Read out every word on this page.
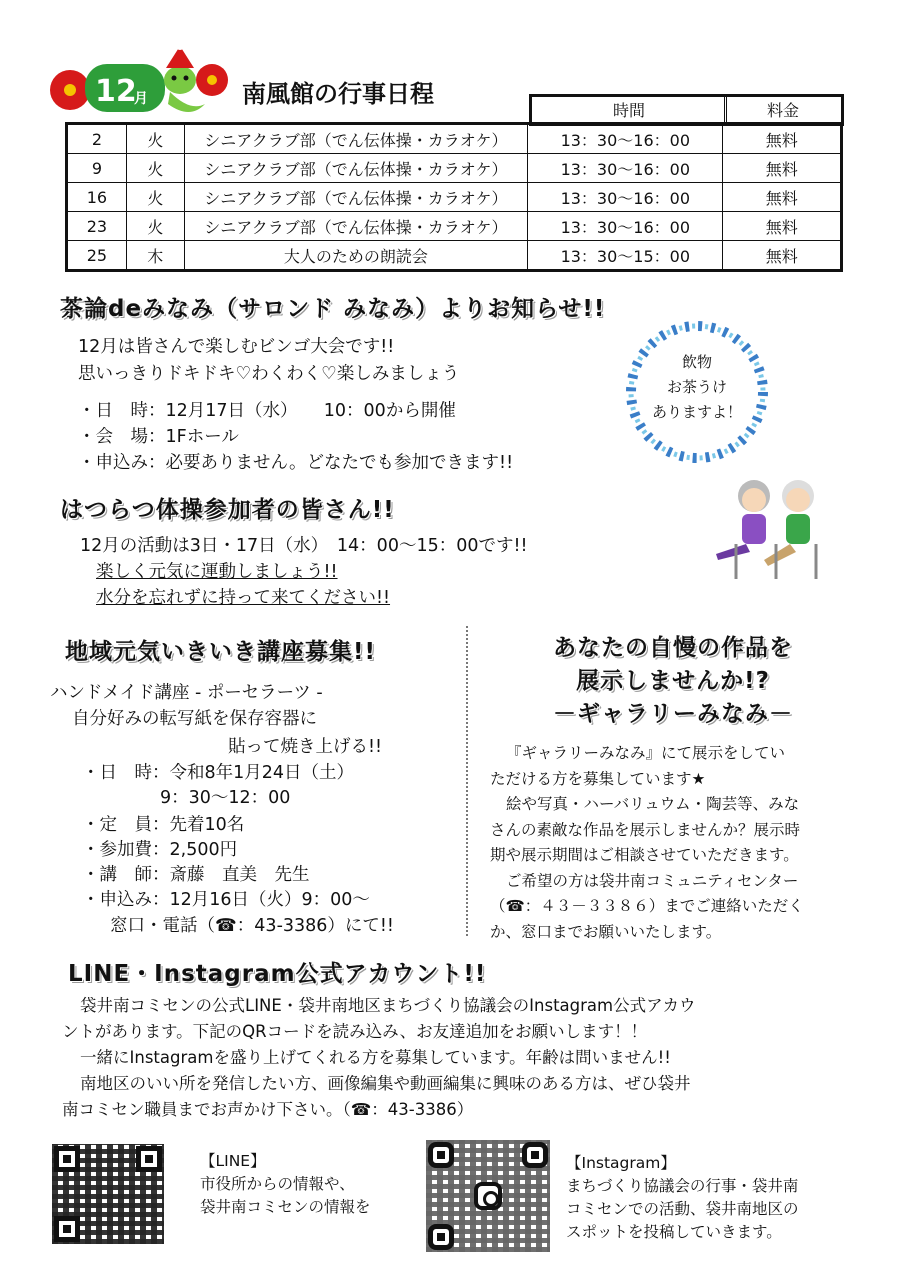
12
月	南風館の行事日程
時間	料金
2	火	シニアクラブ部（でん伝体操・カラオケ）	13：30～16：00	無料
9	火	シニアクラブ部（でん伝体操・カラオケ）	13：30～16：00	無料
16	火	シニアクラブ部（でん伝体操・カラオケ）	13：30～16：00	無料
23	火	シニアクラブ部（でん伝体操・カラオケ）	13：30～16：00	無料
25	木	大人のための朗読会	13：30～15：00	無料
茶論deみなみ（サロンド みなみ）よりお知らせ!!
12月は皆さんで楽しむビンゴ大会です!!
思いっきりドキドキ♡わくわく♡楽しみましょう
・日　時：12月17日（水）　　10：00から開催
・会　場：1Fホール
・申込み：必要ありません。どなたでも参加できます!!
飲物
お茶うけ
ありますよ！
はつらつ体操参加者の皆さん!!
12月の活動は3日・17日（水）　14：00～15：00です!!
楽しく元気に運動しましょう!!
水分を忘れずに持って来てください!!
地域元気いきいき講座募集!!
ハンドメイド講座 - ポーセラーツ -
自分好みの転写紙を保存容器に
貼って焼き上げる!!
・日　時：令和8年1月24日（土）
9：30～12：00
・定　員：先着10名
・参加費：2,500円
・講　師：斎藤　直美　先生
・申込み：12月16日（火）9：00～
窓口・電話（☎：43-3386）にて!!
あなたの自慢の作品を
展示しませんか!?
－ギャラリーみなみ－
『ギャラリーみなみ』にて展示をしてい
ただける方を募集しています★
絵や写真・ハーバリュウム・陶芸等、みな
さんの素敵な作品を展示しませんか？展示時
期や展示期間はご相談させていただきます。
ご希望の方は袋井南コミュニティセンター
（☎：４３－３３８６）までご連絡いただく
か、窓口までお願いいたします。
LINE・Instagram公式アカウント!!
袋井南コミセンの公式LINE・袋井南地区まちづくり協議会のInstagram公式アカウ
ントがあります。下記のQRコードを読み込み、お友達追加をお願いします！！
一緒にInstagramを盛り上げてくれる方を募集しています。年齢は問いません!!
南地区のいい所を発信したい方、画像編集や動画編集に興味のある方は、ぜひ袋井
南コミセン職員までお声かけ下さい。（☎：43-3386）
【LINE】
市役所からの情報や、
袋井南コミセンの情報を
【Instagram】
まちづくり協議会の行事・袋井南
コミセンでの活動、袋井南地区の
スポットを投稿していきます。
